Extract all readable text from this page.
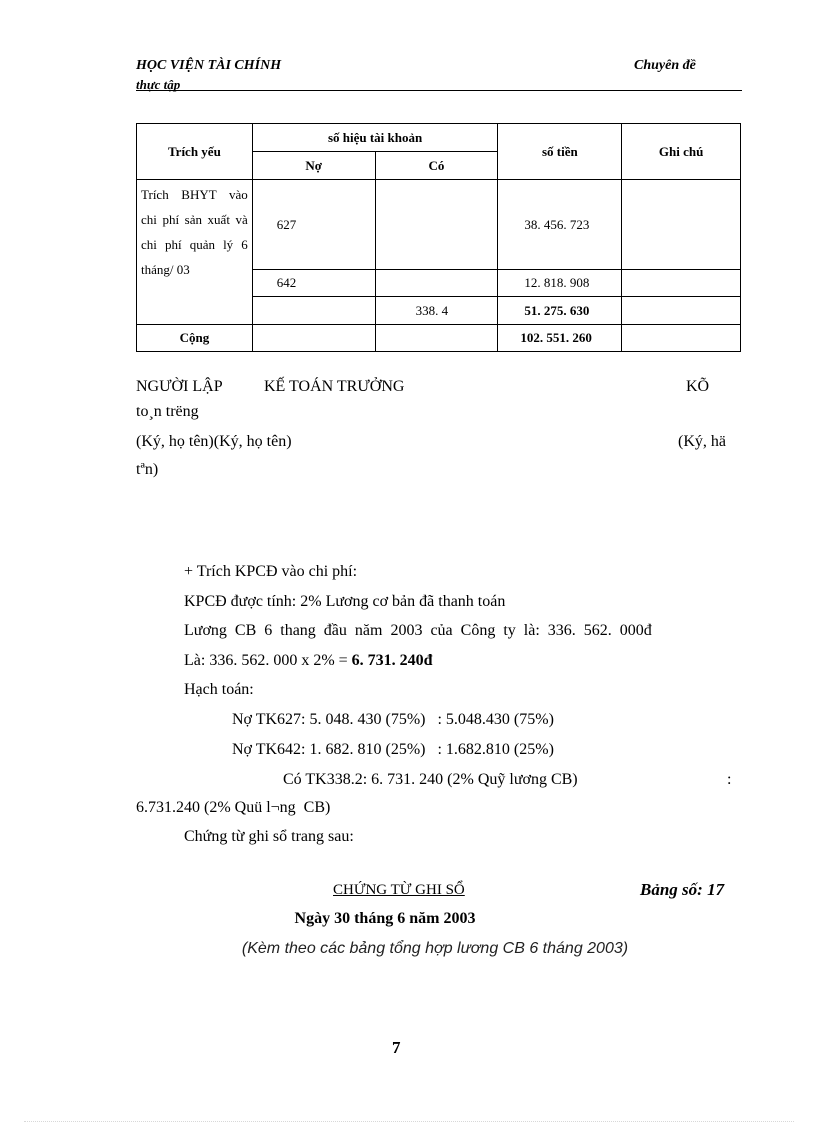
HỌC VIỆN TÀI CHÍNH
thực tập
Chuyên đề
Trích yếu	số hiệu tài khoản		số tiền	Ghi chú
	Nợ	Có		
Trích BHYT vào chi phí sản xuất và chi phí quản lý 6 tháng/ 03	627		38. 456. 723	
	642		12. 818. 908	
		338. 4	51. 275. 630	
Cộng			102. 551. 260	
NGƯỜI LẬP	KẾ TOÁN TRƯỞNG	KÕ
to¸n trëng
(Ký, họ tên)(Ký, họ tên)	(Ký, hä
tªn)
+ Trích KPCĐ vào chi phí:
KPCĐ được tính: 2% Lương cơ bản đã thanh toán
Lương CB 6 thang đầu năm 2003 của Công ty là: 336. 562. 000đ
Là: 336. 562. 000 x 2% = 6. 731. 240đ
Hạch toán:
Nợ TK627: 5. 048. 430 (75%)   : 5.048.430 (75%)
Nợ TK642: 1. 682. 810 (25%)   : 1.682.810 (25%)
Có TK338.2: 6. 731. 240 (2% Quỹ lương CB)	:
6.731.240 (2% Quü l¬ng  CB)
Chứng từ ghi sổ trang sau:
CHỨNG TỪ GHI SỔ	Bảng số: 17
Ngày 30 tháng 6 năm 2003
(Kèm theo các bảng tổng hợp lương CB 6 tháng 2003)
7
